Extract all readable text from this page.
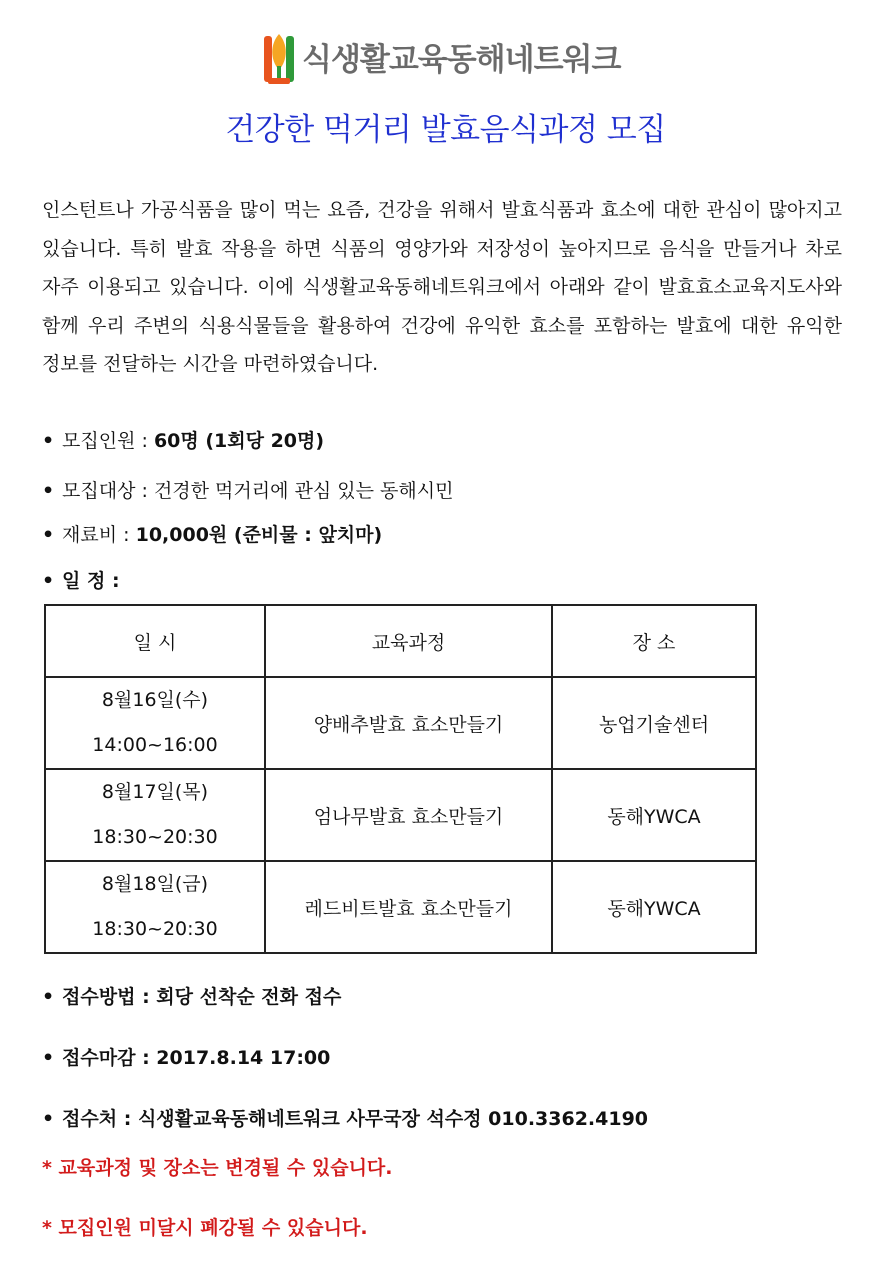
식생활교육동해네트워크
건강한 먹거리 발효음식과정 모집
인스턴트나 가공식품을 많이 먹는 요즘, 건강을 위해서 발효식품과 효소에 대한 관심이 많아지고 있습니다. 특히 발효 작용을 하면 식품의 영양가와 저장성이 높아지므로 음식을 만들거나 차로 자주 이용되고 있습니다. 이에 식생활교육동해네트워크에서 아래와 같이 발효효소교육지도사와 함께 우리 주변의 식용식물들을 활용하여 건강에 유익한 효소를 포함하는 발효에 대한 유익한 정보를 전달하는 시간을 마련하였습니다.
• 모집인원 : 60명 (1회당 20명)
• 모집대상 : 건경한 먹거리에 관심 있는 동해시민
• 재료비 : 10,000원 (준비물 : 앞치마)
• 일 정 :
일 시	교육과정	장 소

8월16일(수)
14:00~16:00	양배추발효 효소만들기	농업기술센터

8월17일(목)
18:30~20:30	엄나무발효 효소만들기	동해YWCA

8월18일(금)
18:30~20:30	레드비트발효 효소만들기	동해YWCA
• 접수방법 : 회당 선착순 전화 접수
• 접수마감 : 2017.8.14 17:00
• 접수처 : 식생활교육동해네트워크 사무국장 석수정 010.3362.4190
* 교육과정 및 장소는 변경될 수 있습니다.
* 모집인원 미달시 폐강될 수 있습니다.
